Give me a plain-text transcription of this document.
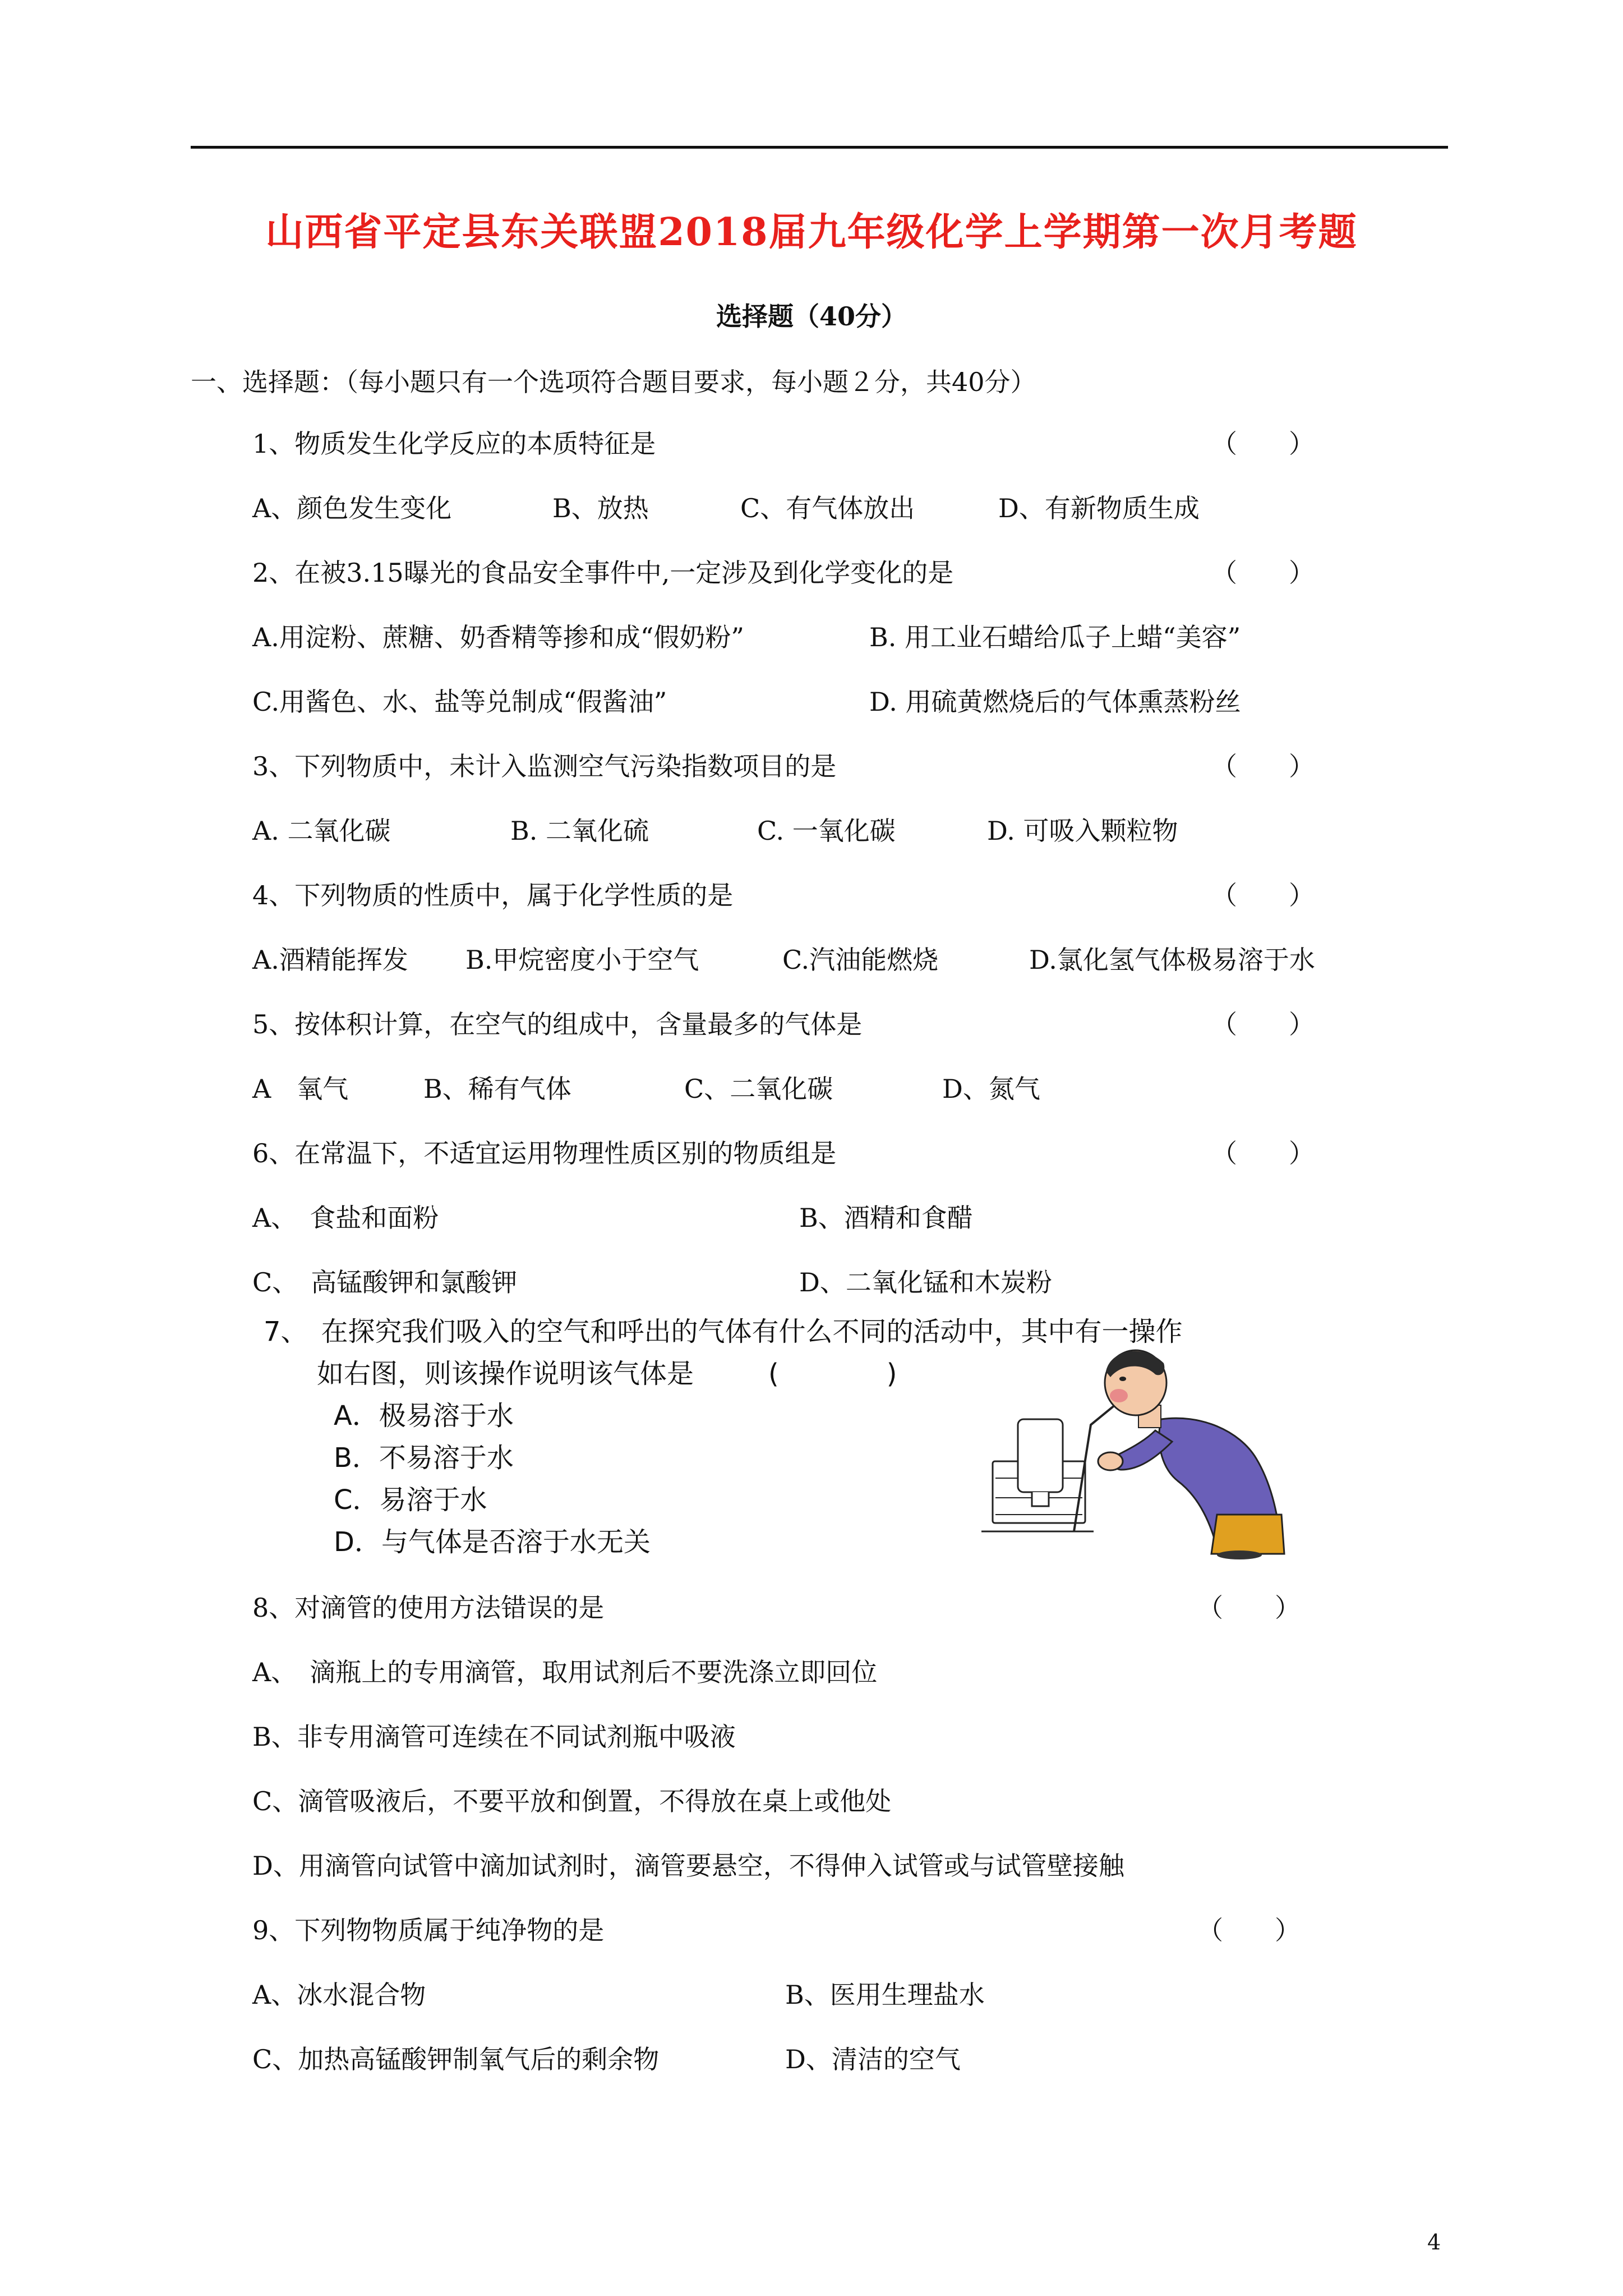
山西省平定县东关联盟2018届九年级化学上学期第一次月考题
选择题（40分）
一、选择题：（每小题只有一个选项符合题目要求，每小题２分，共40分）
1、物质发生化学反应的本质特征是	（　　）
A、颜色发生变化	B、放热	C、有气体放出	D、有新物质生成
2、在被3.15曝光的食品安全事件中,一定涉及到化学变化的是	（　　）
A.用淀粉、蔗糖、奶香精等掺和成“假奶粉”	B. 用工业石蜡给瓜子上蜡“美容”
C.用酱色、水、盐等兑制成“假酱油”	D. 用硫黄燃烧后的气体熏蒸粉丝
3、下列物质中，未计入监测空气污染指数项目的是	（　　）
A. 二氧化碳	B. 二氧化硫	C. 一氧化碳	D. 可吸入颗粒物
4、下列物质的性质中，属于化学性质的是	（　　）
A.酒精能挥发 B.甲烷密度小于空气	C.汽油能燃烧	D.氯化氢气体极易溶于水
5、按体积计算，在空气的组成中，含量最多的气体是	（　　）
A　氧气	B、稀有气体	C、二氧化碳	D、氮气
6、在常温下，不适宜运用物理性质区别的物质组是	（　　）
A、　食盐和面粉	B、酒精和食醋
C、　高锰酸钾和氯酸钾	D、二氧化锰和木炭粉
7、　在探究我们吸入的空气和呼出的气体有什么不同的活动中，其中有一操作
如右图，则该操作说明该气体是	(　　　　)
A．极易溶于水
B．不易溶于水
C．易溶于水
D．与气体是否溶于水无关
8、对滴管的使用方法错误的是	（　　）
A、　滴瓶上的专用滴管，取用试剂后不要洗涤立即回位
B、非专用滴管可连续在不同试剂瓶中吸液
C、滴管吸液后，不要平放和倒置，不得放在桌上或他处
D、用滴管向试管中滴加试剂时，滴管要悬空，不得伸入试管或与试管壁接触
9、下列物物质属于纯净物的是	（　　）
A、冰水混合物	B、医用生理盐水
C、加热高锰酸钾制氧气后的剩余物	D、清洁的空气
4
